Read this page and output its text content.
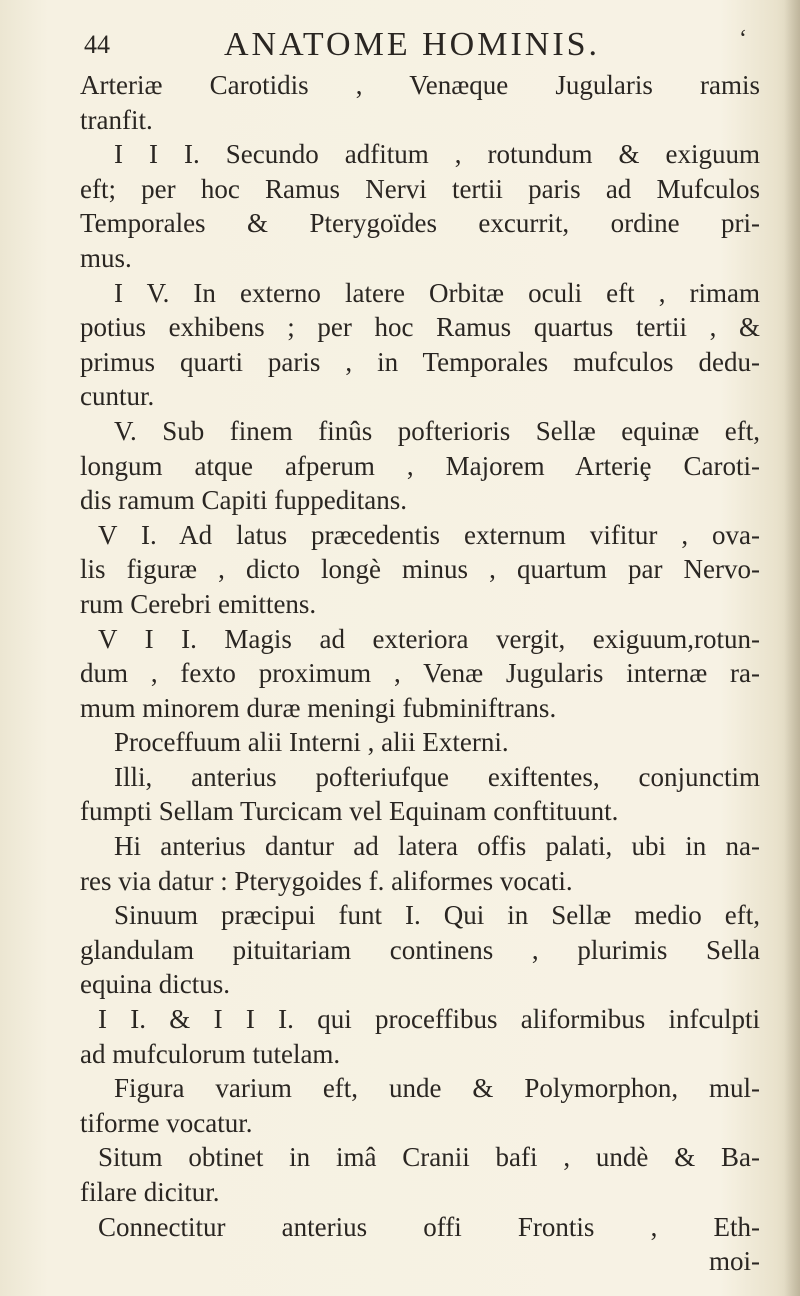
44	ANATOME HOMINIS.	‘
Arteriæ Carotidis , Venæque Jugularis ramis
tranfit.
I I I. Secundo adfitum , rotundum & exiguum
eft; per hoc Ramus Nervi tertii paris ad Mufculos
Temporales & Pterygoïdes excurrit, ordine pri-
mus.
I V. In externo latere Orbitæ oculi eft , rimam
potius exhibens ; per hoc Ramus quartus tertii , &
primus quarti paris , in Temporales mufculos dedu-
cuntur.
V. Sub finem finûs pofterioris Sellæ equinæ eft,
longum atque afperum , Majorem Arteriȩ Caroti-
dis ramum Capiti fuppeditans.
V I. Ad latus præcedentis externum vifitur , ova-
lis figuræ , dicto longè minus , quartum par Nervo-
rum Cerebri emittens.
V I I. Magis ad exteriora vergit, exiguum,rotun-
dum , fexto proximum , Venæ Jugularis internæ ra-
mum minorem duræ meningi fubminiftrans.
Proceffuum alii Interni , alii Externi.
Illi, anterius pofteriufque exiftentes, conjunctim
fumpti Sellam Turcicam vel Equinam conftituunt.
Hi anterius dantur ad latera offis palati, ubi in na-
res via datur : Pterygoides f. aliformes vocati.
Sinuum præcipui funt I. Qui in Sellæ medio eft,
glandulam pituitariam continens , plurimis Sella
equina dictus.
I I. & I I I. qui proceffibus aliformibus infculpti
ad mufculorum tutelam.
Figura varium eft, unde & Polymorphon, mul-
tiforme vocatur.
Situm obtinet in imâ Cranii bafi , undè & Ba-
filare dicitur.
Connectitur anterius offi Frontis , Eth-
moi-
